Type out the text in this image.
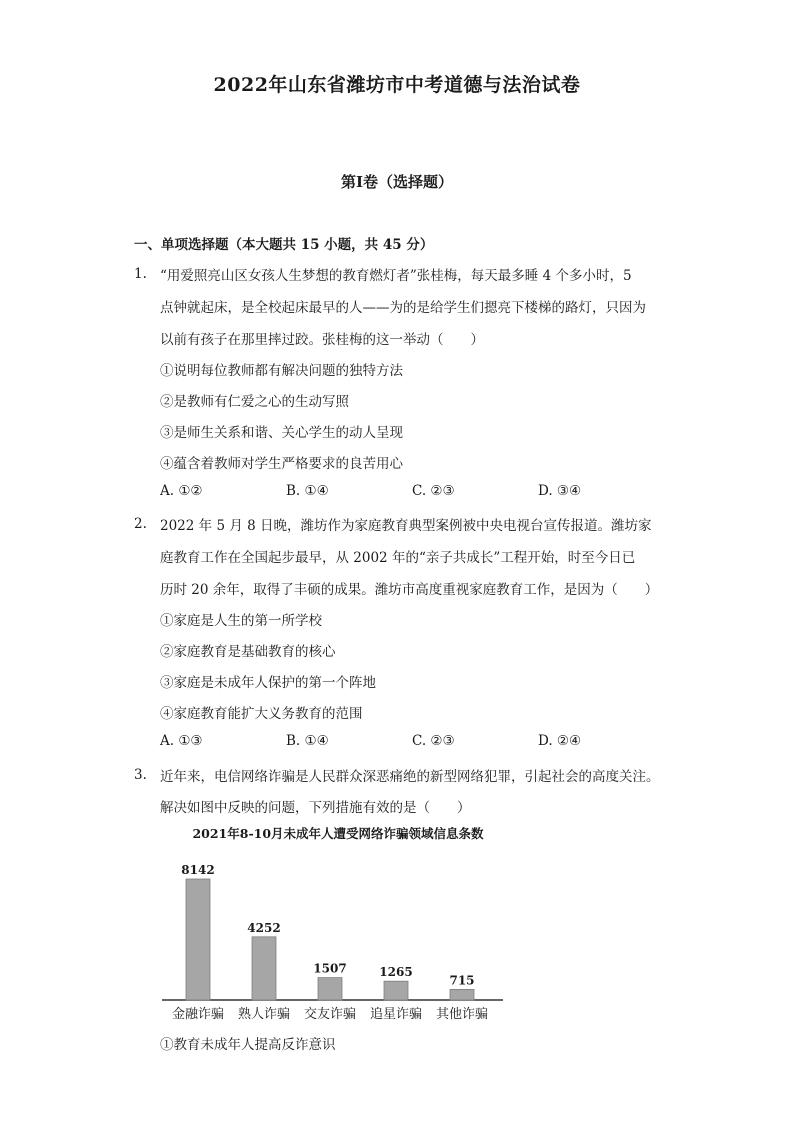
2022年山东省潍坊市中考道德与法治试卷
第I卷（选择题）
一、单项选择题（本大题共 15 小题，共 45 分）
1. “用爱照亮山区女孩人生梦想的教育燃灯者”张桂梅，每天最多睡 4 个多小时，5
点钟就起床，是全校起床最早的人——为的是给学生们摁亮下楼梯的路灯，只因为
以前有孩子在那里摔过跤。张桂梅的这一举动（　　）
①说明每位教师都有解决问题的独特方法
②是教师有仁爱之心的生动写照
③是师生关系和谐、关心学生的动人呈现
④蕴含着教师对学生严格要求的良苦用心
A. ①②	B. ①④	C. ②③	D. ③④
2. 2022 年 5 月 8 日晚，潍坊作为家庭教育典型案例被中央电视台宣传报道。潍坊家
庭教育工作在全国起步最早，从 2002 年的“亲子共成长”工程开始，时至今日已
历时 20 余年，取得了丰硕的成果。潍坊市高度重视家庭教育工作，是因为（　　）
①家庭是人生的第一所学校
②家庭教育是基础教育的核心
③家庭是未成年人保护的第一个阵地
④家庭教育能扩大义务教育的范围
A. ①③	B. ①④	C. ②③	D. ②④
3. 近年来，电信网络诈骗是人民群众深恶痛绝的新型网络犯罪，引起社会的高度关注。
解决如图中反映的问题，下列措施有效的是（　　）
2021年8-10月未成年人遭受网络诈骗领域信息条数
8142
金融诈骗
4252
熟人诈骗
1507
交友诈骗
1265
追星诈骗
715
其他诈骗
①教育未成年人提高反诈意识
